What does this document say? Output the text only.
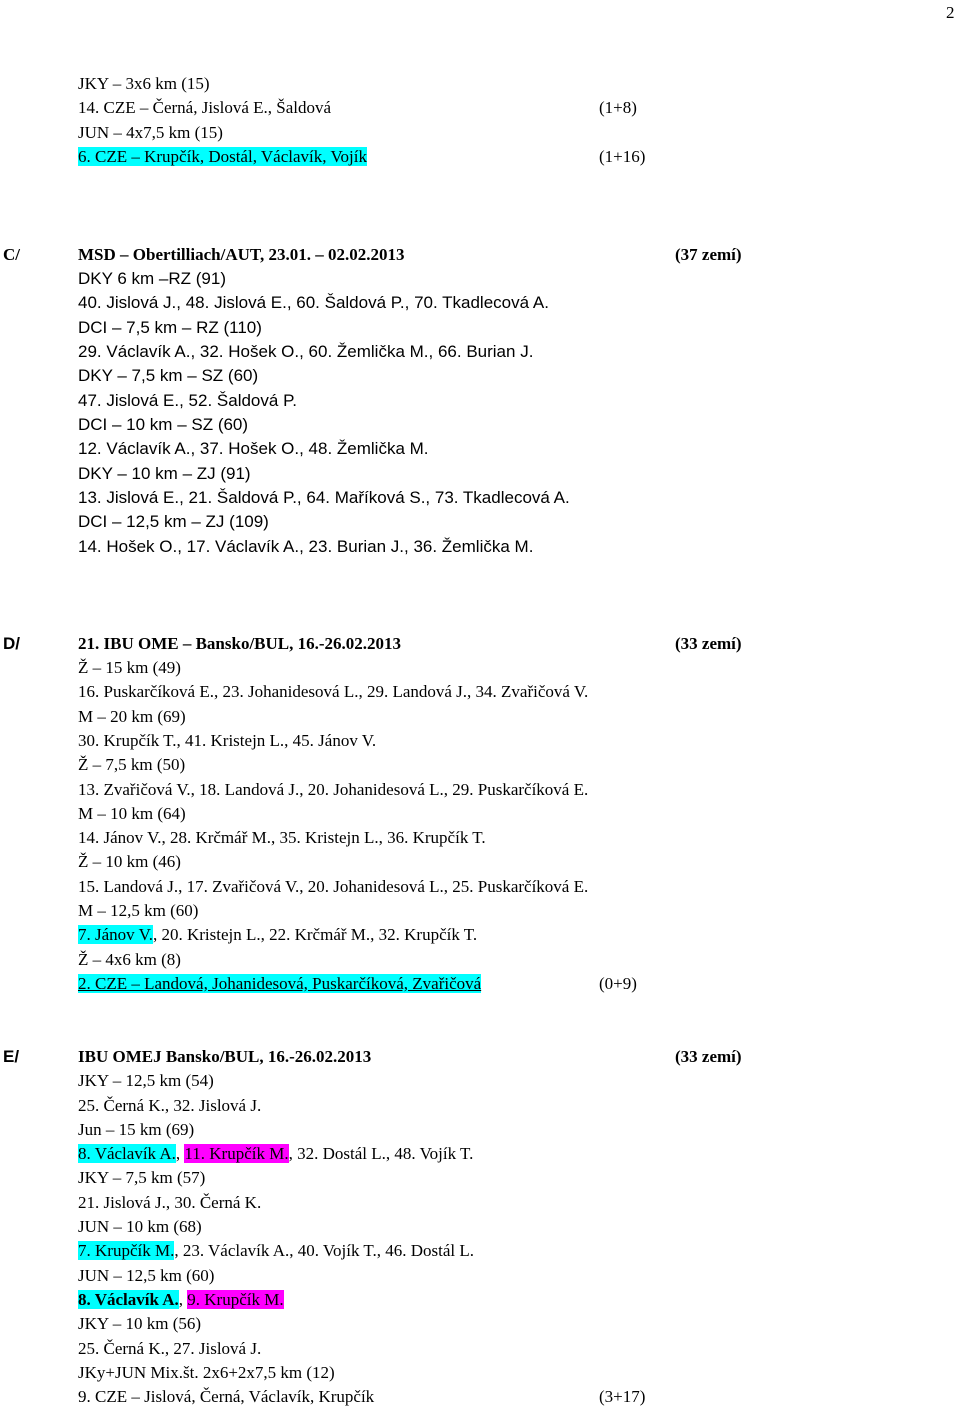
2
JKY – 3x6 km (15)
14. CZE – Černá, Jislová E., Šaldová	(1+8)
JUN – 4x7,5 km (15)
6. CZE – Krupčík, Dostál, Václavík, Vojík	(1+16)
C/	MSD – Obertilliach/AUT, 23.01. – 02.02.2013	(37 zemí)
DKY 6 km –RZ (91)
40. Jislová J., 48. Jislová E., 60. Šaldová P., 70. Tkadlecová A.
DCI – 7,5 km – RZ (110)
29. Václavík A., 32. Hošek O., 60. Žemlička M., 66. Burian J.
DKY – 7,5 km – SZ (60)
47. Jislová E., 52. Šaldová P.
DCI – 10 km – SZ (60)
12. Václavík A., 37. Hošek O., 48. Žemlička M.
DKY – 10 km – ZJ (91)
13. Jislová E., 21. Šaldová P., 64. Maříková S., 73. Tkadlecová A.
DCI – 12,5 km – ZJ (109)
14. Hošek O., 17. Václavík A., 23. Burian J., 36. Žemlička M.
D/	21. IBU OME – Bansko/BUL, 16.-26.02.2013	(33 zemí)
Ž – 15 km (49)
16. Puskarčíková E., 23. Johanidesová L., 29. Landová J., 34. Zvařičová V.
M – 20 km (69)
30. Krupčík T., 41. Kristejn L., 45. Jánov V.
Ž – 7,5 km (50)
13. Zvařičová V., 18. Landová J., 20. Johanidesová L., 29. Puskarčíková E.
M – 10 km (64)
14. Jánov V., 28. Krčmář M., 35. Kristejn L., 36. Krupčík T.
Ž – 10 km (46)
15. Landová J., 17. Zvařičová V., 20. Johanidesová L., 25. Puskarčíková E.
M – 12,5 km (60)
7. Jánov V., 20. Kristejn L., 22. Krčmář M., 32. Krupčík T.
Ž – 4x6 km (8)
2. CZE – Landová, Johanidesová, Puskarčíková, Zvařičová	(0+9)
E/	IBU OMEJ Bansko/BUL, 16.-26.02.2013	(33 zemí)
JKY – 12,5 km (54)
25. Černá K., 32. Jislová J.
Jun – 15 km (69)
8. Václavík A., 11. Krupčík M., 32. Dostál L., 48. Vojík T.
JKY – 7,5 km (57)
21. Jislová J., 30. Černá K.
JUN – 10 km (68)
7. Krupčík M., 23. Václavík A., 40. Vojík T., 46. Dostál L.
JUN – 12,5 km (60)
8. Václavík A., 9. Krupčík M.
JKY – 10 km (56)
25. Černá K., 27. Jislová J.
JKy+JUN Mix.št. 2x6+2x7,5 km (12)
9. CZE – Jislová, Černá, Václavík, Krupčík	(3+17)
